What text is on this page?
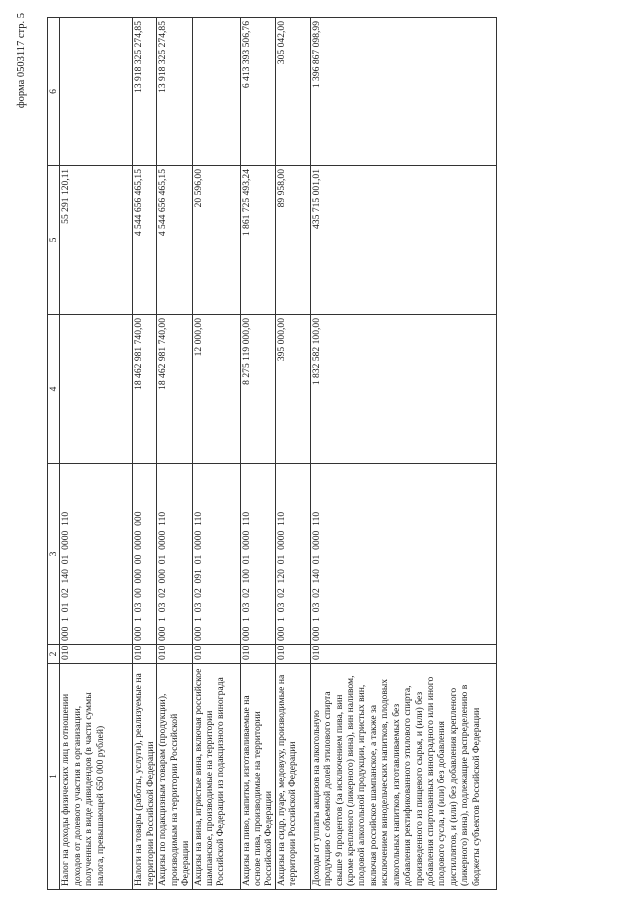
форма 0503117 стр. 5
1	2	3	4	5	6
Налог на доходы физических лиц в отношении доходов от долевого участия в организации, полученных в виде дивидендов (в части суммы налога, превышающей 650 000 рублей)	010	000  1  01  02  140  01  0000  110		55 291 120,11	
Налоги на товары (работы, услуги), реализуемые на территории Российской Федерации	010	000  1  03  00  000  00  0000  000	18 462 981 740,00	4 544 656 465,15	13 918 325 274,85
Акцизы по подакцизным товарам (продукции), производимым на территории Российской Федерации	010	000  1  03  02  000  01  0000  110	18 462 981 740,00	4 544 656 465,15	13 918 325 274,85
Акцизы на вина, игристые вина, включая российское шампанское, производимые на территории Российской Федерации из подакцизного винограда	010	000  1  03  02  091  01  0000  110	12 000,00	20 596,00	
Акцизы на пиво, напитки, изготавливаемые на основе пива, производимые на территории Российской Федерации	010	000  1  03  02  100  01  0000  110	8 275 119 000,00	1 861 725 493,24	6 413 393 506,76
Акцизы на сидр, пуаре, медовуху, производимые на территории Российской Федерации	010	000  1  03  02  120  01  0000  110	395 000,00	89 958,00	305 042,00
Доходы от уплаты акцизов на алкогольную продукцию с объемной долей этилового спирта свыше 9 процентов (за исключением пива, вин (кроме крепленого (ликерного) вина), вин наливом, плодовой алкогольной продукции, игристых вин, включая российское шампанское, а также за исключением винодельческих напитков, плодовых алкогольных напитков, изготавливаемых без добавления ректификованного этилового спирта, произведенного из пищевого сырья, и (или) без добавления спиртованных виноградного или иного плодового сусла, и (или) без добавления дистиллятов, и (или) без добавления крепленого (ликерного) вина), подлежащие распределению в бюджеты субъектов Российской Федерации	010	000  1  03  02  140  01  0000  110	1 832 582 100,00	435 715 001,01	1 396 867 098,99
